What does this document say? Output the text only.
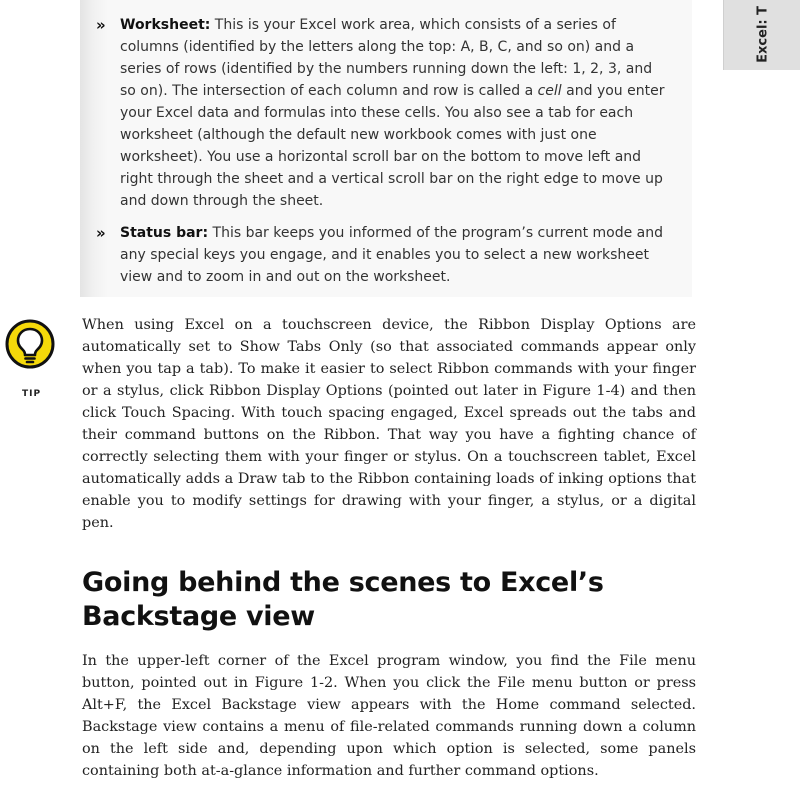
Excel: T
»	Worksheet: This is your Excel work area, which consists of a series of columns (identified by the letters along the top: A, B, C, and so on) and a series of rows (identified by the numbers running down the left: 1, 2, 3, and so on). The intersection of each column and row is called a cell and you enter your Excel data and formulas into these cells. You also see a tab for each worksheet (although the default new workbook comes with just one worksheet). You use a horizontal scroll bar on the bottom to move left and right through the sheet and a vertical scroll bar on the right edge to move up and down through the sheet.
»	Status bar: This bar keeps you informed of the program’s current mode and any special keys you engage, and it enables you to select a new worksheet view and to zoom in and out on the worksheet.
TIP
When using Excel on a touchscreen device, the Ribbon Display Options are automatically set to Show Tabs Only (so that associated commands appear only when you tap a tab). To make it easier to select Ribbon commands with your finger or a stylus, click Ribbon Display Options (pointed out later in Figure 1-4) and then click Touch Spacing. With touch spacing engaged, Excel spreads out the tabs and their command buttons on the Ribbon. That way you have a fighting chance of correctly selecting them with your finger or stylus. On a touchscreen tablet, Excel automatically adds a Draw tab to the Ribbon containing loads of inking options that enable you to modify settings for drawing with your finger, a stylus, or a digital pen.
Going behind the scenes to Excel’s Backstage view
In the upper-left corner of the Excel program window, you find the File menu button, pointed out in Figure 1-2. When you click the File menu button or press Alt+F, the Excel Backstage view appears with the Home command selected. Backstage view contains a menu of file-related commands running down a column on the left side and, depending upon which option is selected, some panels containing both at-a-glance information and further command options.
